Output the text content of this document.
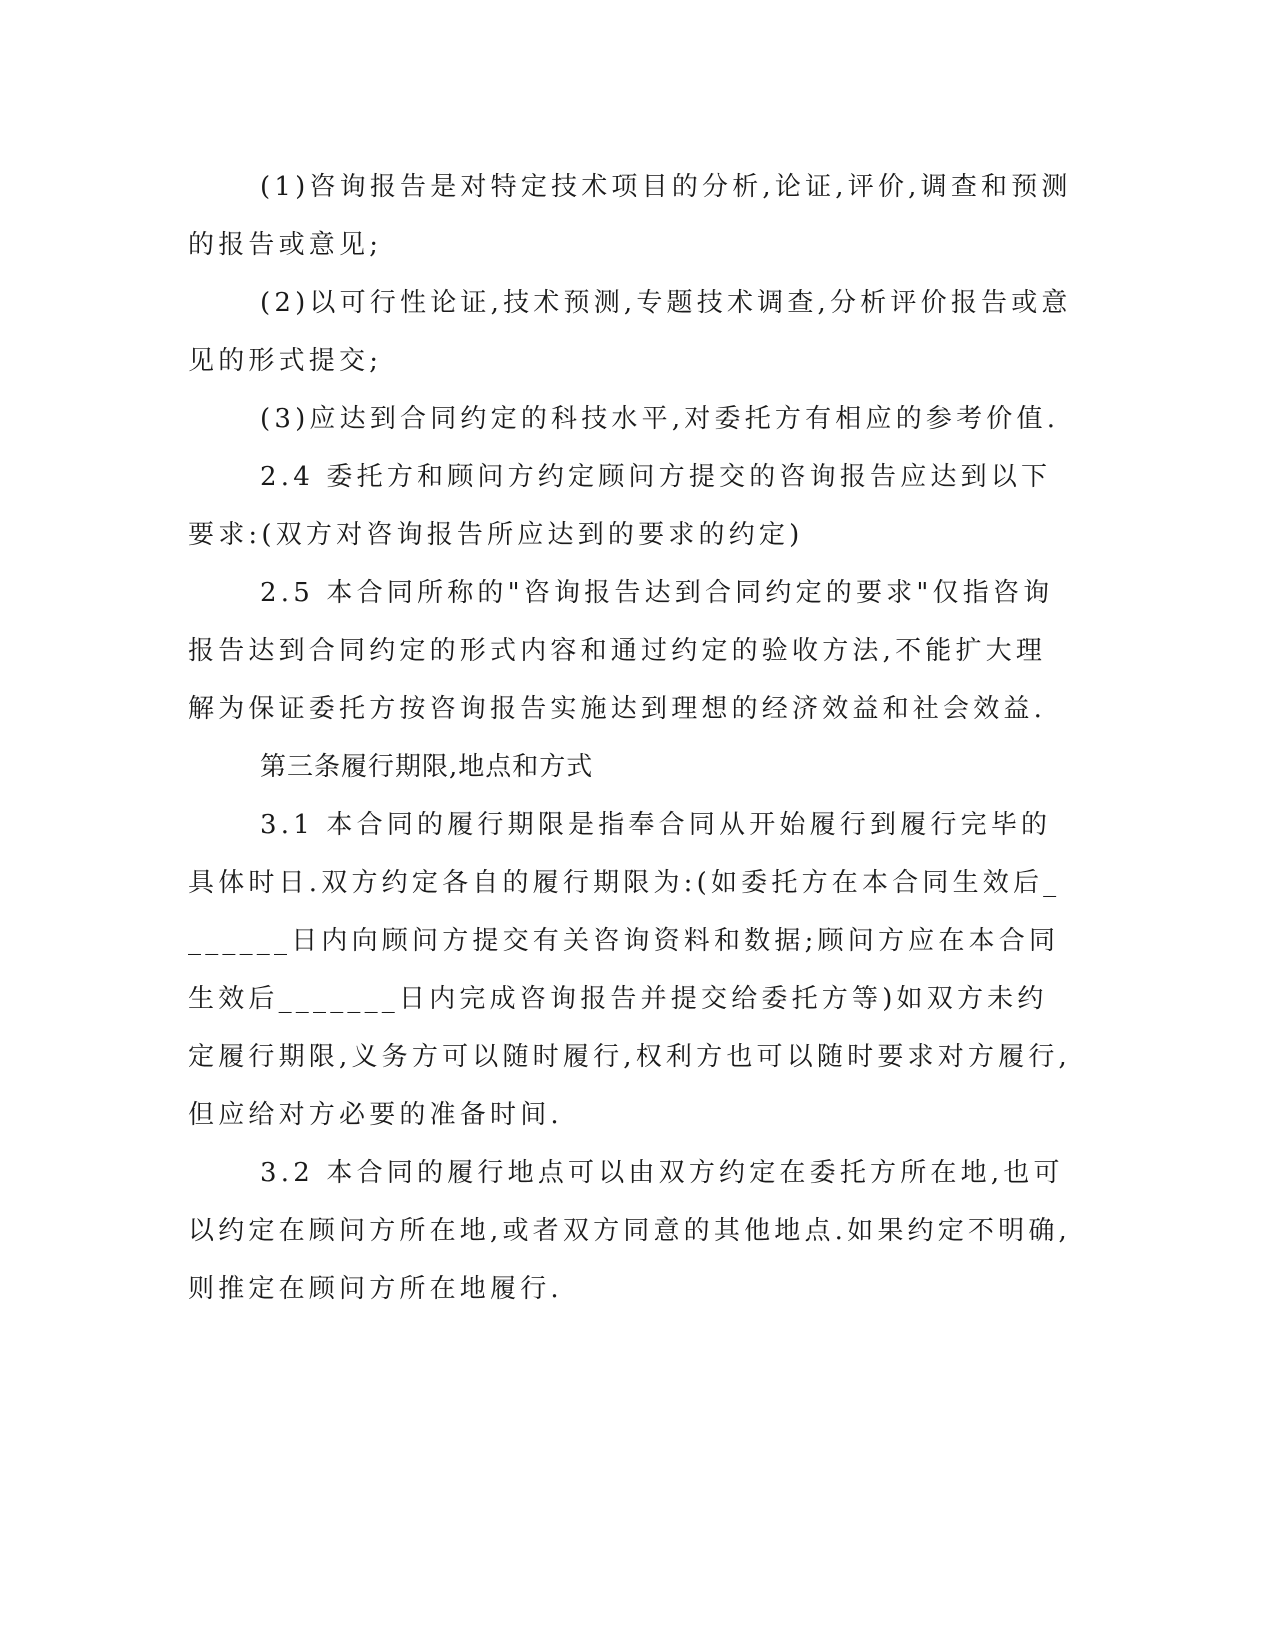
(1)咨询报告是对特定技术项目的分析,论证,评价,调查和预测的报告或意见;

(2)以可行性论证,技术预测,专题技术调查,分析评价报告或意见的形式提交;

(3)应达到合同约定的科技水平,对委托方有相应的参考价值.

2.4 委托方和顾问方约定顾问方提交的咨询报告应达到以下要求:(双方对咨询报告所应达到的要求的约定)

2.5 本合同所称的"咨询报告达到合同约定的要求"仅指咨询报告达到合同约定的形式内容和通过约定的验收方法,不能扩大理解为保证委托方按咨询报告实施达到理想的经济效益和社会效益.

第三条履行期限,地点和方式

3.1 本合同的履行期限是指奉合同从开始履行到履行完毕的具体时日.双方约定各自的履行期限为:(如委托方在本合同生效后_______日内向顾问方提交有关咨询资料和数据;顾问方应在本合同生效后_______日内完成咨询报告并提交给委托方等)如双方未约定履行期限,义务方可以随时履行,权利方也可以随时要求对方履行,但应给对方必要的准备时间.

3.2 本合同的履行地点可以由双方约定在委托方所在地,也可以约定在顾问方所在地,或者双方同意的其他地点.如果约定不明确,则推定在顾问方所在地履行.
